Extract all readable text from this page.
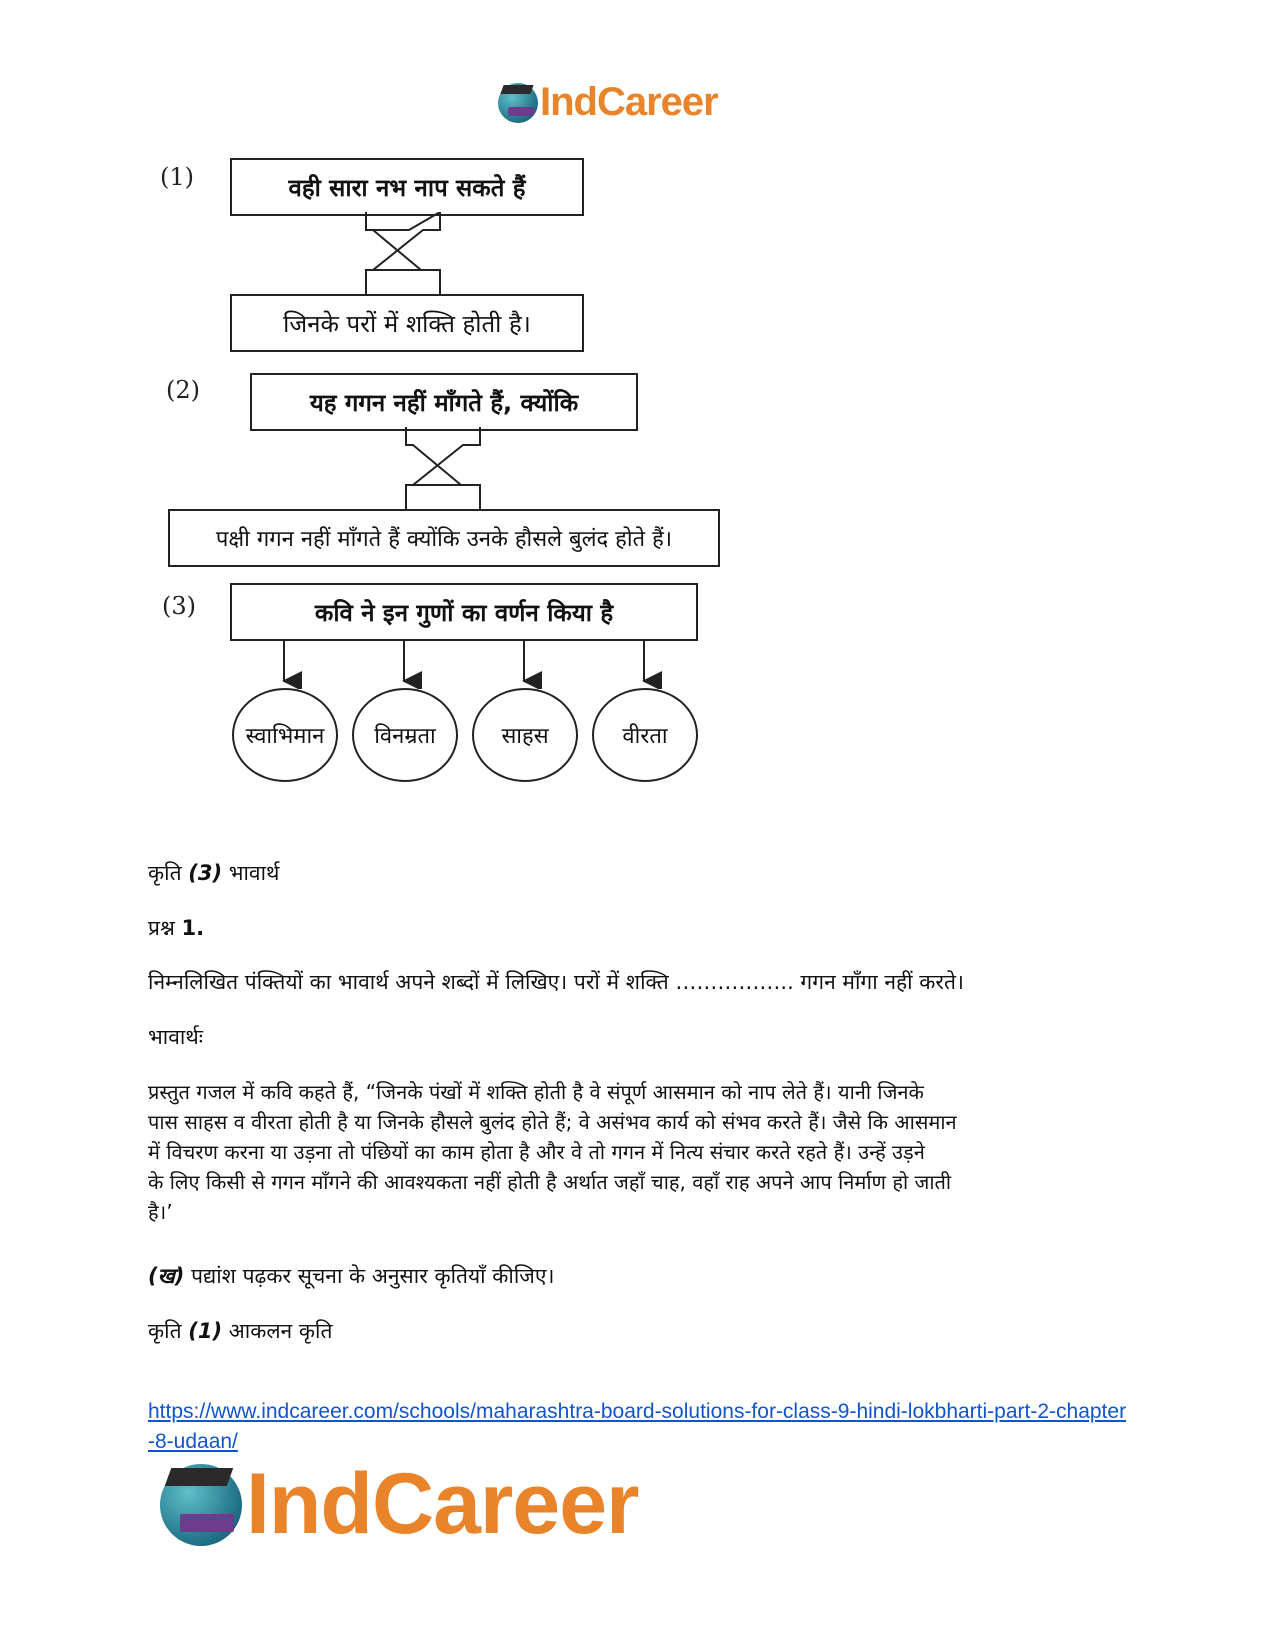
IndCareer
(1)	वही सारा नभ नाप सकते हैं
जिनके परों में शक्ति होती है।
(2)	यह गगन नहीं माँगते हैं, क्योंकि
पक्षी गगन नहीं माँगते हैं क्योंकि उनके हौसले बुलंद होते हैं।
(3)	कवि ने इन गुणों का वर्णन किया है
स्वाभिमान	विनम्रता	साहस	वीरता
कृति (3) भावार्थ
प्रश्न 1.
निम्नलिखित पंक्तियों का भावार्थ अपने शब्दों में लिखिए। परों में शक्ति …………….. गगन माँगा नहीं करते।
भावार्थः
प्रस्तुत गजल में कवि कहते हैं, “जिनके पंखों में शक्ति होती है वे संपूर्ण आसमान को नाप लेते हैं। यानी जिनके
पास साहस व वीरता होती है या जिनके हौसले बुलंद होते हैं; वे असंभव कार्य को संभव करते हैं। जैसे कि आसमान
में विचरण करना या उड़ना तो पंछियों का काम होता है और वे तो गगन में नित्य संचार करते रहते हैं। उन्हें उड़ने
के लिए किसी से गगन माँगने की आवश्यकता नहीं होती है अर्थात जहाँ चाह, वहाँ राह अपने आप निर्माण हो जाती
है।’
(ख) पद्यांश पढ़कर सूचना के अनुसार कृतियाँ कीजिए।
कृति (1) आकलन कृति
https://www.indcareer.com/schools/maharashtra-board-solutions-for-class-9-hindi-lokbharti-part-2-chapter-8-udaan/
IndCareer
